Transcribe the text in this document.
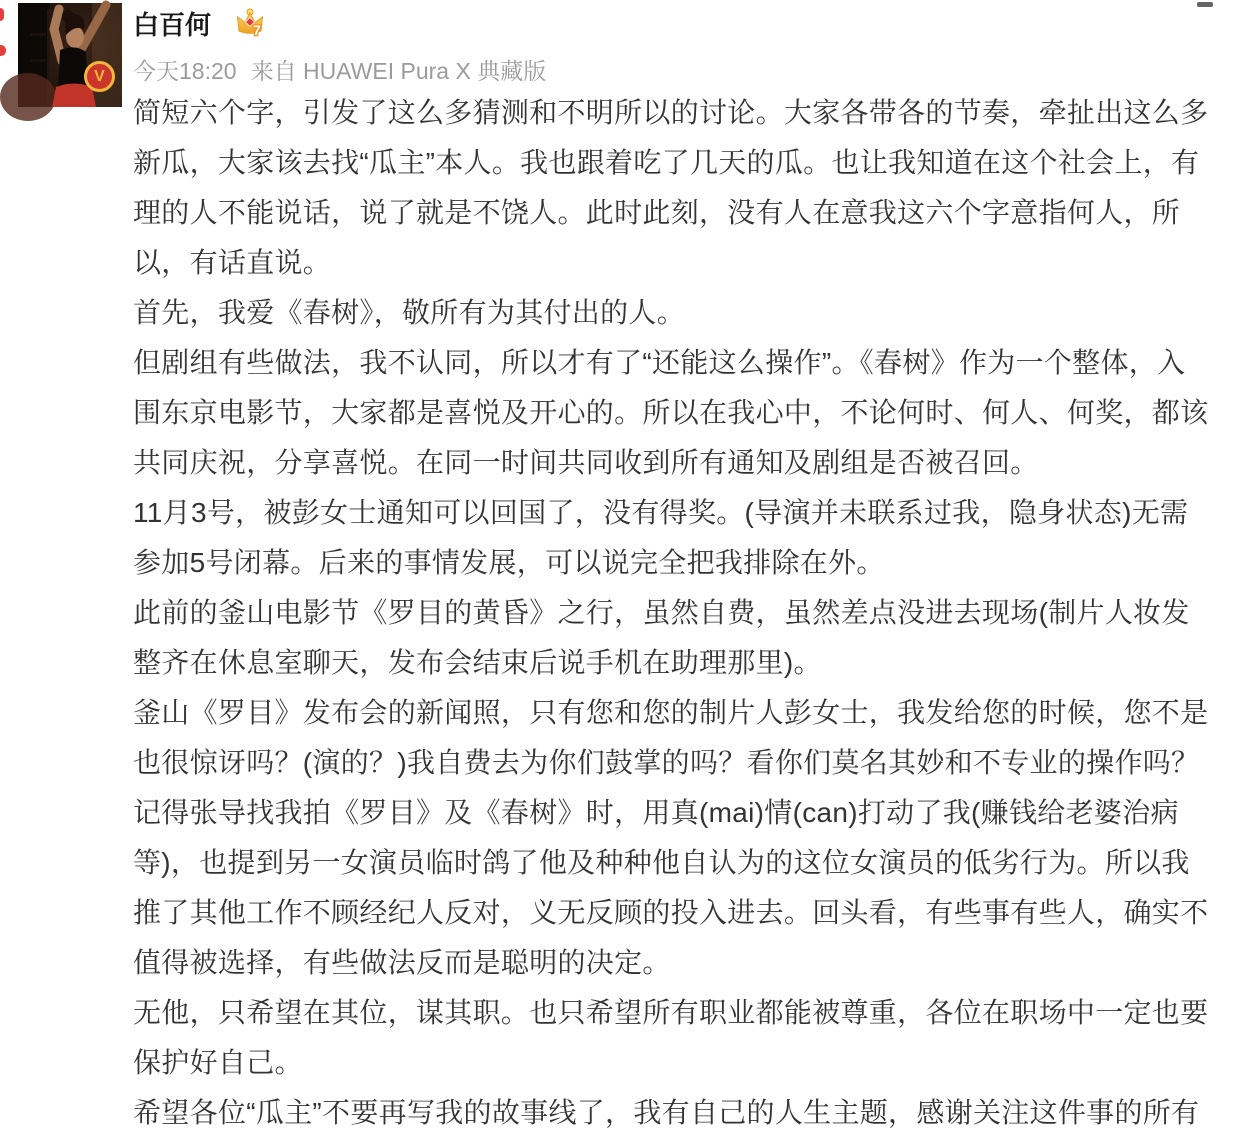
V
白百何	7
今天18:20 来自 HUAWEI Pura X 典藏版
简短六个字，引发了这么多猜测和不明所以的讨论。大家各带各的节奏，牵扯出这么多新瓜，大家该去找“瓜主”本人。我也跟着吃了几天的瓜。也让我知道在这个社会上，有理的人不能说话，说了就是不饶人。此时此刻，没有人在意我这六个字意指何人，所以，有话直说。
首先，我爱《春树》，敬所有为其付出的人。
但剧组有些做法，我不认同，所以才有了“还能这么操作”。《春树》作为一个整体，入围东京电影节，大家都是喜悦及开心的。所以在我心中，不论何时、何人、何奖，都该共同庆祝，分享喜悦。在同一时间共同收到所有通知及剧组是否被召回。
11月3号，被彭女士通知可以回国了，没有得奖。(导演并未联系过我，隐身状态)无需参加5号闭幕。后来的事情发展，可以说完全把我排除在外。
此前的釜山电影节《罗目的黄昏》之行，虽然自费，虽然差点没进去现场(制片人妆发整齐在休息室聊天，发布会结束后说手机在助理那里)。
釜山《罗目》发布会的新闻照，只有您和您的制片人彭女士，我发给您的时候，您不是也很惊讶吗？(演的？)我自费去为你们鼓掌的吗？看你们莫名其妙和不专业的操作吗？
记得张导找我拍《罗目》及《春树》时，用真(mai)情(can)打动了我(赚钱给老婆治病等)，也提到另一女演员临时鸽了他及种种他自认为的这位女演员的低劣行为。所以我推了其他工作不顾经纪人反对，义无反顾的投入进去。回头看，有些事有些人，确实不值得被选择，有些做法反而是聪明的决定。
无他，只希望在其位，谋其职。也只希望所有职业都能被尊重，各位在职场中一定也要保护好自己。
希望各位“瓜主”不要再写我的故事线了，我有自己的人生主题，感谢关注这件事的所有
